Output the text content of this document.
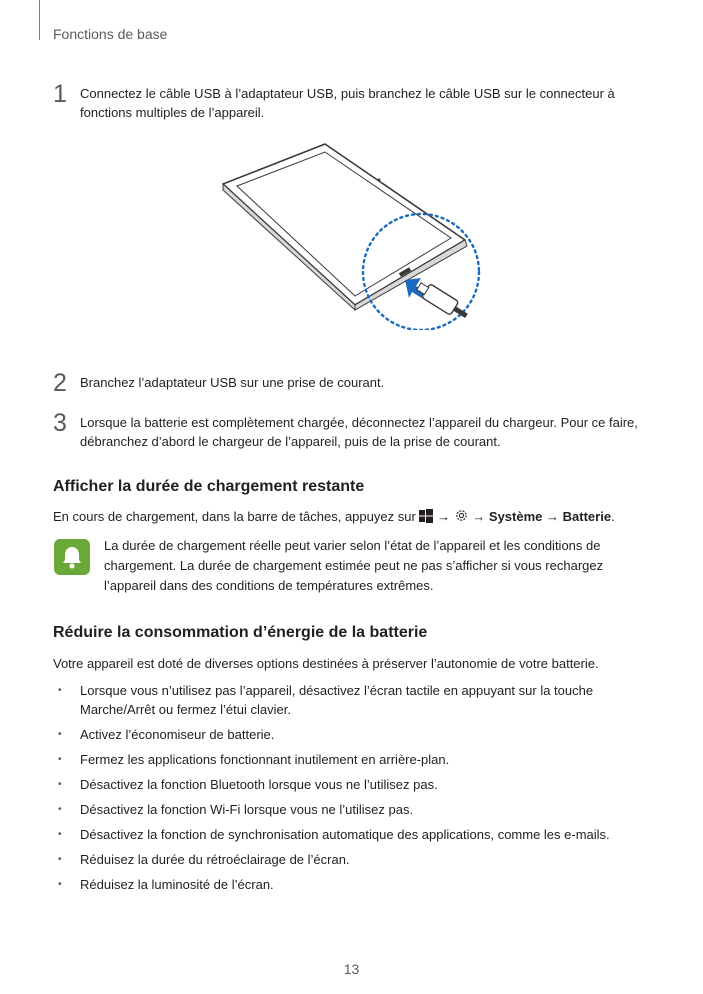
Fonctions de base
1 Connectez le câble USB à l’adaptateur USB, puis branchez le câble USB sur le connecteur à fonctions multiples de l’appareil.
2 Branchez l’adaptateur USB sur une prise de courant.
3 Lorsque la batterie est complètement chargée, déconnectez l’appareil du chargeur. Pour ce faire, débranchez d’abord le chargeur de l’appareil, puis de la prise de courant.
Afficher la durée de chargement restante
En cours de chargement, dans la barre de tâches, appuyez sur → → Système → Batterie.
La durée de chargement réelle peut varier selon l’état de l’appareil et les conditions de chargement. La durée de chargement estimée peut ne pas s’afficher si vous rechargez l’appareil dans des conditions de températures extrêmes.
Réduire la consommation d’énergie de la batterie
Votre appareil est doté de diverses options destinées à préserver l’autonomie de votre batterie.
• Lorsque vous n’utilisez pas l’appareil, désactivez l’écran tactile en appuyant sur la touche Marche/Arrêt ou fermez l’étui clavier.
• Activez l’économiseur de batterie.
• Fermez les applications fonctionnant inutilement en arrière-plan.
• Désactivez la fonction Bluetooth lorsque vous ne l’utilisez pas.
• Désactivez la fonction Wi-Fi lorsque vous ne l’utilisez pas.
• Désactivez la fonction de synchronisation automatique des applications, comme les e-mails.
• Réduisez la durée du rétroéclairage de l’écran.
• Réduisez la luminosité de l’écran.
13
